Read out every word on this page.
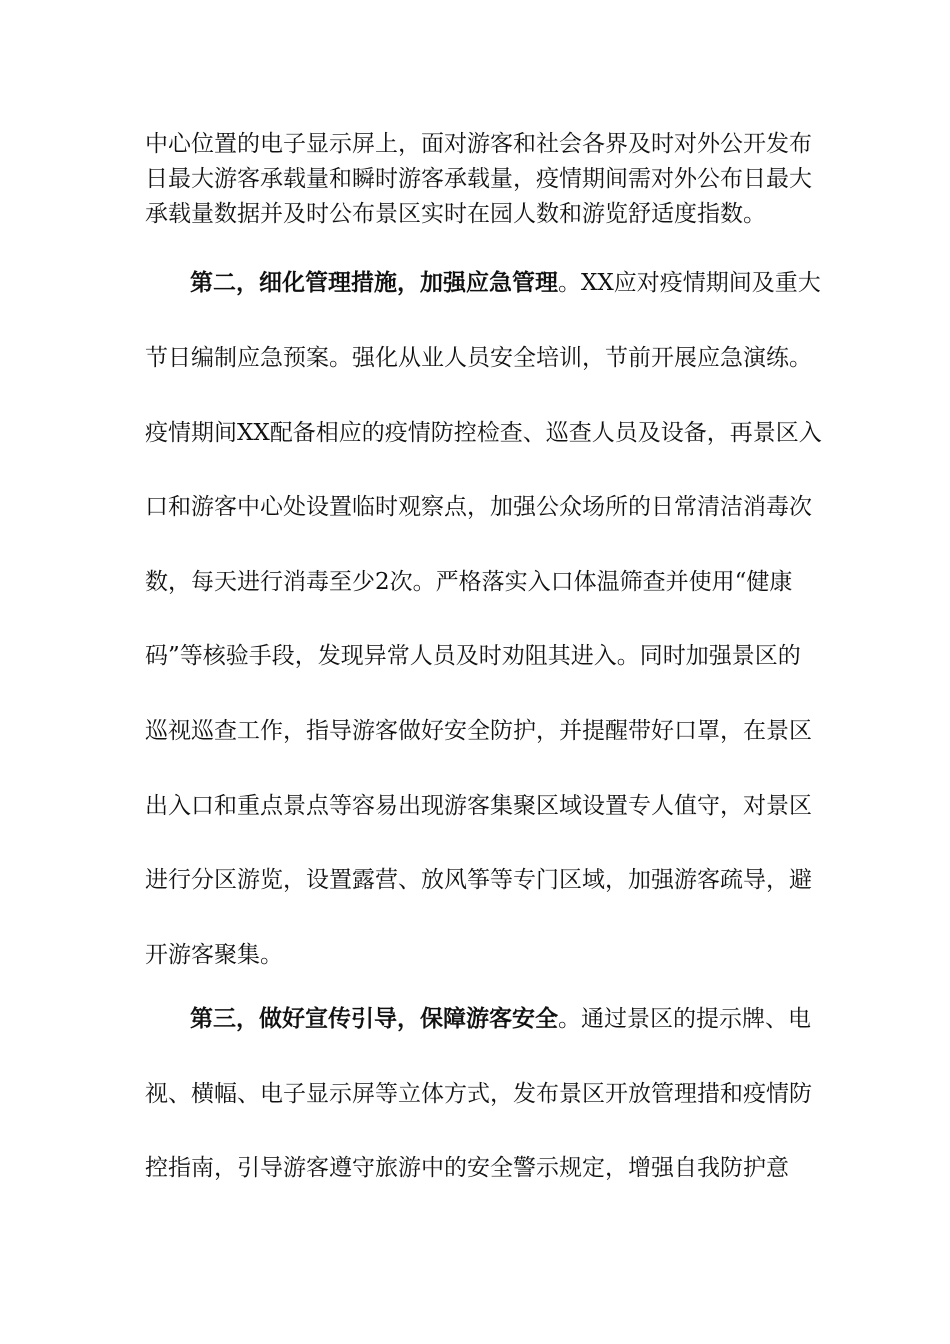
中心位置的电子显示屏上，面对游客和社会各界及时对外公开发布
日最大游客承载量和瞬时游客承载量，疫情期间需对外公布日最大
承载量数据并及时公布景区实时在园人数和游览舒适度指数。
第二，细化管理措施，加强应急管理。XX应对疫情期间及重大
节日编制应急预案。强化从业人员安全培训，节前开展应急演练。
疫情期间XX配备相应的疫情防控检查、巡查人员及设备，再景区入
口和游客中心处设置临时观察点，加强公众场所的日常清洁消毒次
数，每天进行消毒至少2次。严格落实入口体温筛查并使用“健康
码”等核验手段，发现异常人员及时劝阻其进入。同时加强景区的
巡视巡查工作，指导游客做好安全防护，并提醒带好口罩，在景区
出入口和重点景点等容易出现游客集聚区域设置专人值守，对景区
进行分区游览，设置露营、放风筝等专门区域，加强游客疏导，避
开游客聚集。
第三，做好宣传引导，保障游客安全。通过景区的提示牌、电
视、横幅、电子显示屏等立体方式，发布景区开放管理措和疫情防
控指南，引导游客遵守旅游中的安全警示规定，增强自我防护意
